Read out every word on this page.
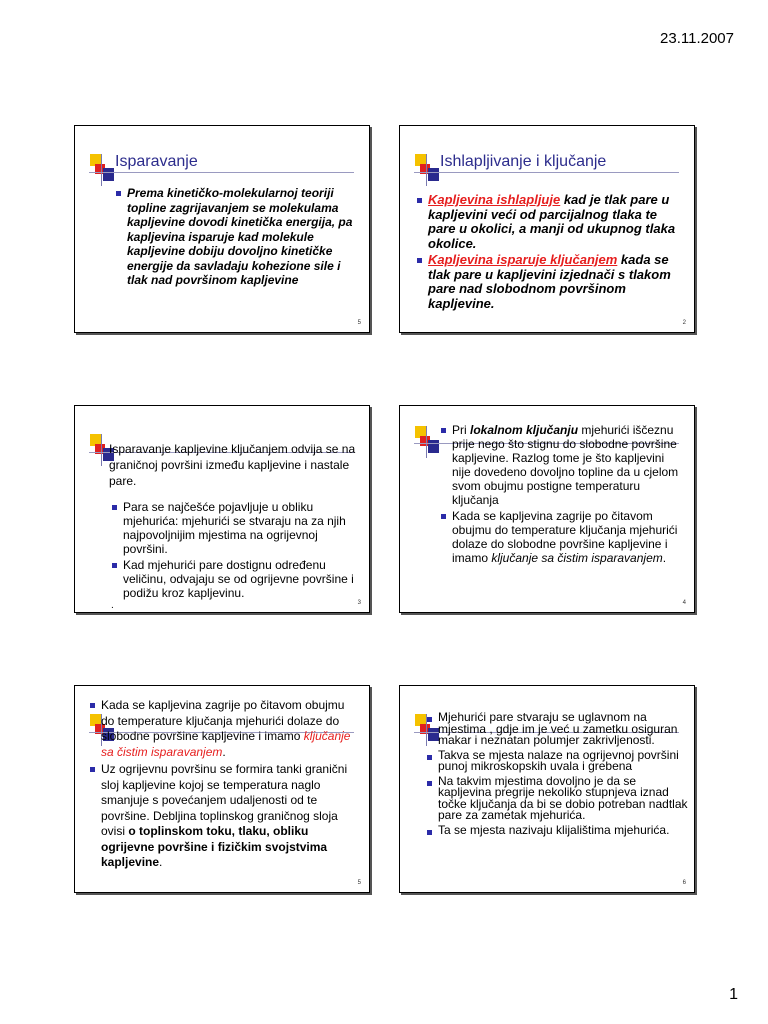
23.11.2007
Isparavanje
Prema kinetičko-molekularnoj teoriji topline zagrijavanjem se molekulama kapljevine dovodi kinetička energija, pa kapljevina isparuje kad molekule kapljevine dobiju dovoljno kinetičke energije da savladaju kohezione sile i tlak nad površinom kapljevine
5
Ishlapljivanje i ključanje
Kapljevina ishlapljuje kad je tlak pare u kapljevini veći od parcijalnog tlaka te pare u okolici, a manji od ukupnog tlaka okolice.
Kapljevina isparuje ključanjem kada se tlak pare u kapljevini izjednači s tlakom pare nad slobodnom površinom kapljevine.
2
Isparavanje kapljevine ključanjem odvija se na graničnoj površini između kapljevine i nastale pare.
Para se najčešće pojavljuje u obliku mjehurića: mjehurići se stvaraju na za njih najpovoljnijim mjestima na ogrijevnoj površini.
Kad mjehurići pare dostignu određenu veličinu, odvajaju se od ogrijevne površine i podižu kroz kapljevinu.
.	3
Pri lokalnom ključanju mjehurići iščeznu prije nego što stignu do slobodne površine kapljevine. Razlog tome je što kapljevini nije dovedeno dovoljno topline da u cjelom svom obujmu postigne temperaturu ključanja
Kada se kapljevina zagrije po čitavom obujmu do temperature ključanja mjehurići dolaze do slobodne površine kapljevine i imamo ključanje sa čistim isparavanjem.
4
Kada se kapljevina zagrije po čitavom obujmu do temperature ključanja mjehurići dolaze do slobodne površine kapljevine i imamo ključanje sa čistim isparavanjem.
Uz ogrijevnu površinu se formira tanki granični sloj kapljevine kojoj se temperatura naglo smanjuje s povećanjem udaljenosti od te površine. Debljina toplinskog graničnog sloja ovisi o toplinskom toku, tlaku, obliku ogrijevne površine i fizičkim svojstvima kapljevine.
5
Mjehurići pare stvaraju se uglavnom na mjestima , gdje im je već u zametku osiguran makar i neznatan polumjer zakrivljenosti.
Takva se mjesta nalaze na ogrijevnoj površini punoj mikroskopskih uvala i grebena
Na takvim mjestima dovoljno je da se kapljevina pregrije nekoliko stupnjeva iznad točke ključanja da bi se dobio potreban nadtlak pare za zametak mjehurića.
Ta se mjesta nazivaju klijalištima mjehurića.
6
1
